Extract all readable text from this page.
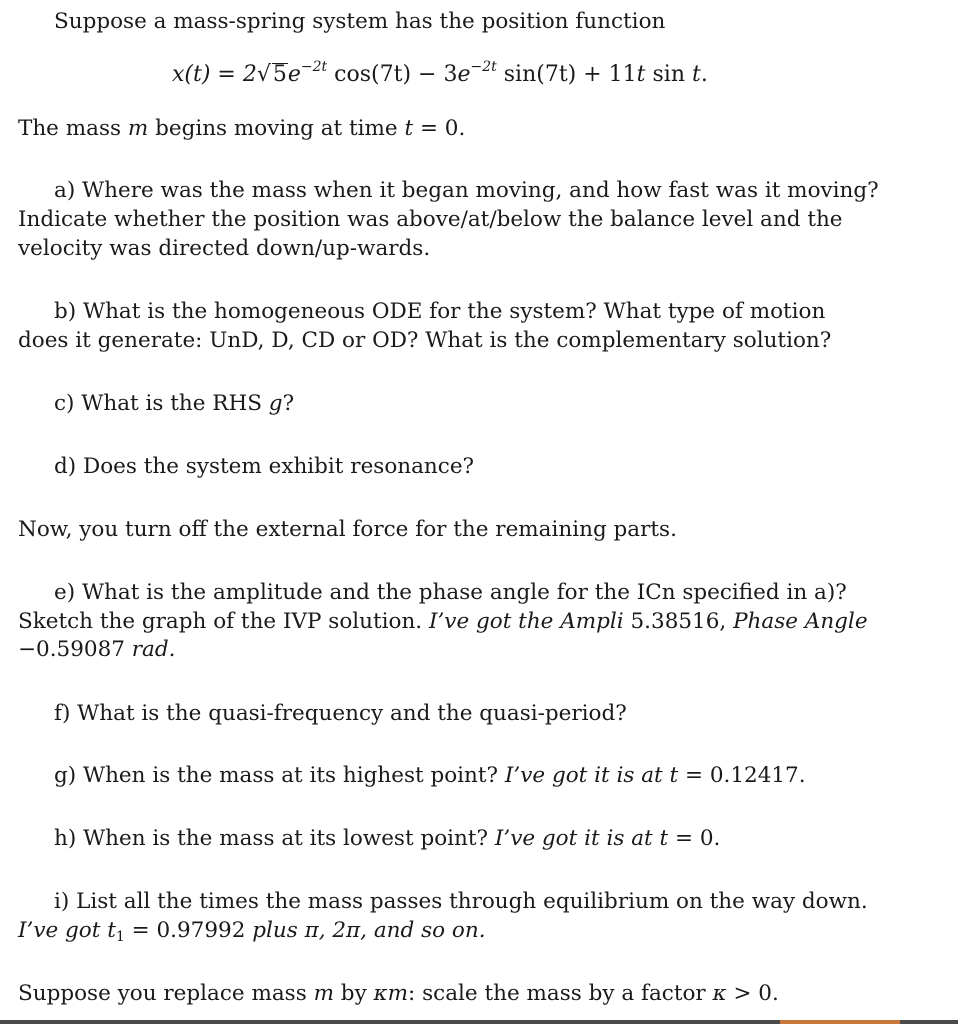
Suppose a mass-spring system has the position function
$x(t) = 2√5e^{-2t}$ $\cos(7t) - 3e^{-2t}$ sin(7t) + 11t sin t.
The mass m begins moving at time t = 0.
a) Where was the mass when it began moving, and how fast was it moving?
Indicate whether the position was above/at/below the balance level and the
velocity was directed down/up-wards.
b) What is the homogeneous ODE for the system? What type of motion
does it generate: UnD, D, CD or OD? What is the complementary solution?
c) What is the RHS g?
d) Does the system exhibit resonance?
Now, you turn off the external force for the remaining parts.
e) What is the amplitude and the phase angle for the ICn specified in a)?
Sketch the graph of the IVP solution. I’ve got the Ampli 5.38516, Phase Angle
−0.59087 rad.
f) What is the quasi-frequency and the quasi-period?
g) When is the mass at its highest point? I’ve got it is at t = 0.12417.
h) When is the mass at its lowest point? I’ve got it is at t = 0.
i) List all the times the mass passes through equilibrium on the way down.
I’ve got $t_1 = 0.97992$ plus π, 2π, and so on.
Suppose you replace mass m by κm: scale the mass by a factor κ > 0.
